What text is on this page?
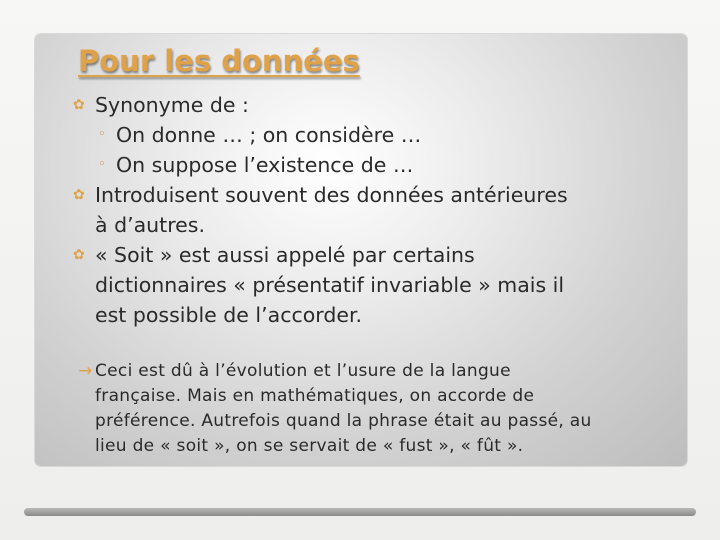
Pour les données
✿ Synonyme de :
◦ On donne … ; on considère …
◦ On suppose l’existence de …
✿ Introduisent souvent des données antérieures
à d’autres.
✿ « Soit » est aussi appelé par certains
dictionnaires « présentatif invariable » mais il
est possible de l’accorder.
→ Ceci est dû à l’évolution et l’usure de la langue
française. Mais en mathématiques, on accorde de
préférence. Autrefois quand la phrase était au passé, au
lieu de « soit », on se servait de « fust », « fût ».
